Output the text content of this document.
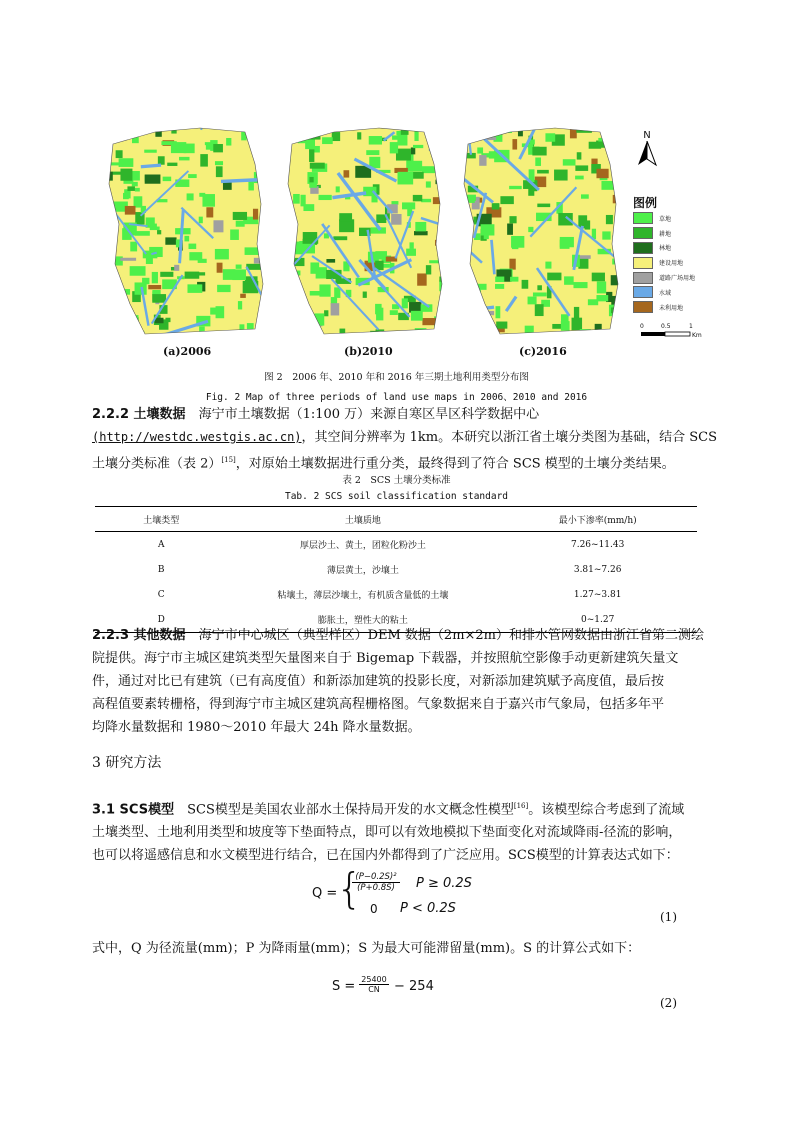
(a)2006	(b)2010	(c)2016
N
图例
草地
耕地
林地
建设用地
道路广场用地
水域
未利用地
0	0.5	1
Km
图 2　2006 年、2010 年和 2016 年三期土地利用类型分布图
Fig. 2 Map of three periods of land use maps in 2006、2010 and 2016
2.2.2 土壤数据　 海宁市土壤数据（1:100 万）来源自寒区旱区科学数据中心
(http://westdc.westgis.ac.cn)，其空间分辨率为 1km。本研究以浙江省土壤分类图为基础，结合 SCS
土壤分类标准（表 2）[15]，对原始土壤数据进行重分类，最终得到了符合 SCS 模型的土壤分类结果。
表 2　SCS 土壤分类标准
Tab. 2 SCS soil classification standard
土壤类型	土壤质地	最小下渗率(mm/h)
A	厚层沙土、黄土，团粒化粉沙土	7.26~11.43
B	薄层黄土，沙壤土	3.81~7.26
C	粘壤土，薄层沙壤土，有机质含量低的土壤	1.27~3.81
D	膨胀土，塑性大的粘土	0~1.27
2.2.3 其他数据　 海宁市中心城区（典型样区）DEM 数据（2m×2m）和排水管网数据由浙江省第二测绘
院提供。海宁市主城区建筑类型矢量图来自于 Bigemap 下载器，并按照航空影像手动更新建筑矢量文
件，通过对比已有建筑（已有高度值）和新添加建筑的投影长度，对新添加建筑赋予高度值，最后按
高程值要素转栅格，得到海宁市主城区建筑高程栅格图。气象数据来自于嘉兴市气象局，包括多年平
均降水量数据和 1980～2010 年最大 24h 降水量数据。
3 研究方法
3.1 SCS模型　 SCS模型是美国农业部水土保持局开发的水文概念性模型[16]。该模型综合考虑到了流域
土壤类型、土地利用类型和坡度等下垫面特点，即可以有效地模拟下垫面变化对流域降雨-径流的影响，
也可以将遥感信息和水文模型进行结合，已在国内外都得到了广泛应用。SCS模型的计算表达式如下：
Q =
{
$\frac{\text{(P−0.2S)²}}{(P+0.8S)}$ P ≥ 0.2S
0 P < 0.2S
(1)
式中，Q 为径流量(mm)；P 为降雨量(mm)；S 为最大可能滞留量(mm)。S 的计算公式如下：
$S = \frac{25400}{CN} - 254$
(2)
